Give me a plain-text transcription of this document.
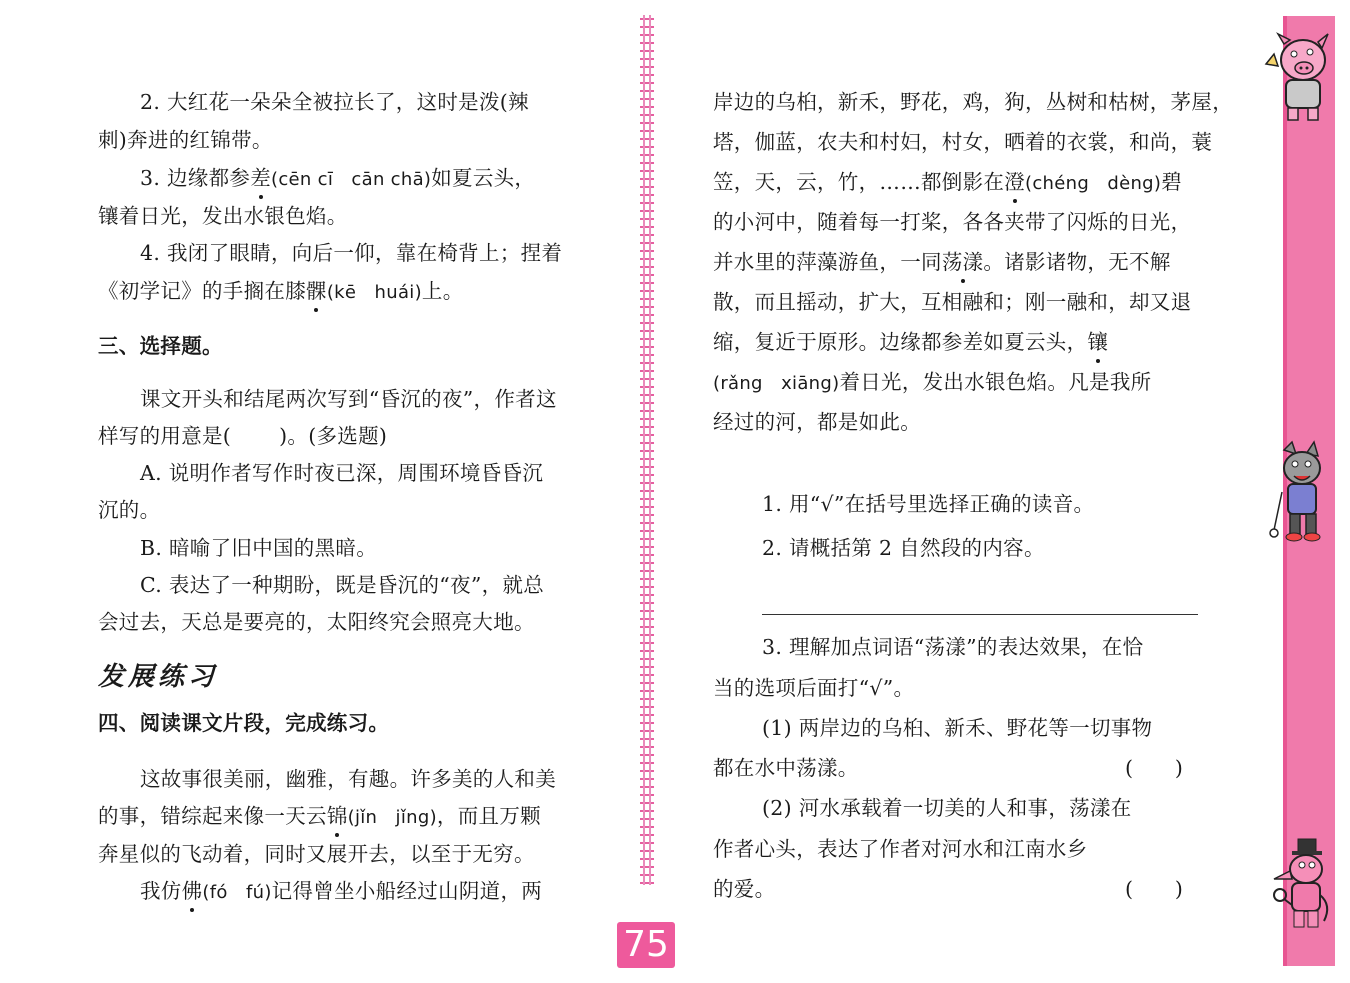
2. 大红花一朵朵全被拉长了，这时是泼(辣
刺)奔进的红锦带。
3. 边缘都参差(cēn cī　cān chā)如夏云头，
镶着日光，发出水银色焰。
4. 我闭了眼睛，向后一仰，靠在椅背上；捏着
《初学记》的手搁在膝髁(kē　huái)上。
三、选择题。
课文开头和结尾两次写到“昏沉的夜”，作者这
样写的用意是( )。(多选题)
A. 说明作者写作时夜已深，周围环境昏昏沉
沉的。
B. 暗喻了旧中国的黑暗。
C. 表达了一种期盼，既是昏沉的“夜”，就总
会过去，天总是要亮的，太阳终究会照亮大地。
发展练习
四、阅读课文片段，完成练习。
这故事很美丽，幽雅，有趣。许多美的人和美
的事，错综起来像一天云锦(jǐn　jǐng)，而且万颗
奔星似的飞动着，同时又展开去，以至于无穷。
我仿佛(fó　fú)记得曾坐小船经过山阴道，两
75
岸边的乌桕，新禾，野花，鸡，狗，丛树和枯树，茅屋，
塔，伽蓝，农夫和村妇，村女，晒着的衣裳，和尚，蓑
笠，天，云，竹，……都倒影在澄(chéng　dèng)碧
的小河中，随着每一打桨，各各夹带了闪烁的日光，
并水里的萍藻游鱼，一同荡漾。诸影诸物，无不解
散，而且摇动，扩大，互相融和；刚一融和，却又退
缩，复近于原形。边缘都参差如夏云头，镶
(rǎng　xiāng)着日光，发出水银色焰。凡是我所
经过的河，都是如此。
1. 用“√”在括号里选择正确的读音。
2. 请概括第 2 自然段的内容。
3. 理解加点词语“荡漾”的表达效果，在恰
当的选项后面打“√”。
(1) 两岸边的乌桕、新禾、野花等一切事物
都在水中荡漾。	(　　)
(2) 河水承载着一切美的人和事，荡漾在
作者心头，表达了作者对河水和江南水乡
的爱。	(　　)
